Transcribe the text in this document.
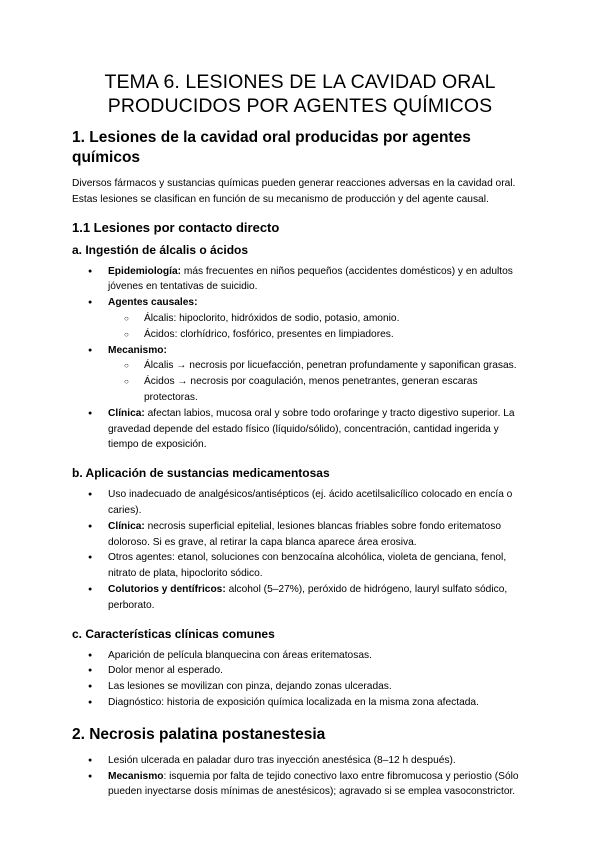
TEMA 6. LESIONES DE LA CAVIDAD ORAL
PRODUCIDOS POR AGENTES QUÍMICOS
1. Lesiones de la cavidad oral producidas por agentes químicos

Diversos fármacos y sustancias químicas pueden generar reacciones adversas en la cavidad oral. Estas lesiones se clasifican en función de su mecanismo de producción y del agente causal.

1.1 Lesiones por contacto directo
a. Ingestión de álcalis o ácidos
● Epidemiología: más frecuentes en niños pequeños (accidentes domésticos) y en adultos jóvenes en tentativas de suicidio.
● Agentes causales:
○ Álcalis: hipoclorito, hidróxidos de sodio, potasio, amonio.
○ Ácidos: clorhídrico, fosfórico, presentes en limpiadores.
● Mecanismo:
○ Álcalis → necrosis por licuefacción, penetran profundamente y saponifican grasas.
○ Ácidos → necrosis por coagulación, menos penetrantes, generan escaras protectoras.
● Clínica: afectan labios, mucosa oral y sobre todo orofaringe y tracto digestivo superior. La gravedad depende del estado físico (líquido/sólido), concentración, cantidad ingerida y tiempo de exposición.
b. Aplicación de sustancias medicamentosas
● Uso inadecuado de analgésicos/antisépticos (ej. ácido acetilsalicílico colocado en encía o caries).
● Clínica: necrosis superficial epitelial, lesiones blancas friables sobre fondo eritematoso doloroso. Si es grave, al retirar la capa blanca aparece área erosiva.
● Otros agentes: etanol, soluciones con benzocaína alcohólica, violeta de genciana, fenol, nitrato de plata, hipoclorito sódico.
● Colutorios y dentífricos: alcohol (5–27%), peróxido de hidrógeno, lauryl sulfato sódico, perborato.
c. Características clínicas comunes
● Aparición de película blanquecina con áreas eritematosas.
● Dolor menor al esperado.
● Las lesiones se movilizan con pinza, dejando zonas ulceradas.
● Diagnóstico: historia de exposición química localizada en la misma zona afectada.
2. Necrosis palatina postanestesia
● Lesión ulcerada en paladar duro tras inyección anestésica (8–12 h después).
● Mecanismo: isquemia por falta de tejido conectivo laxo entre fibromucosa y periostio (Sólo pueden inyectarse dosis mínimas de anestésicos); agravado si se emplea vasoconstrictor.
